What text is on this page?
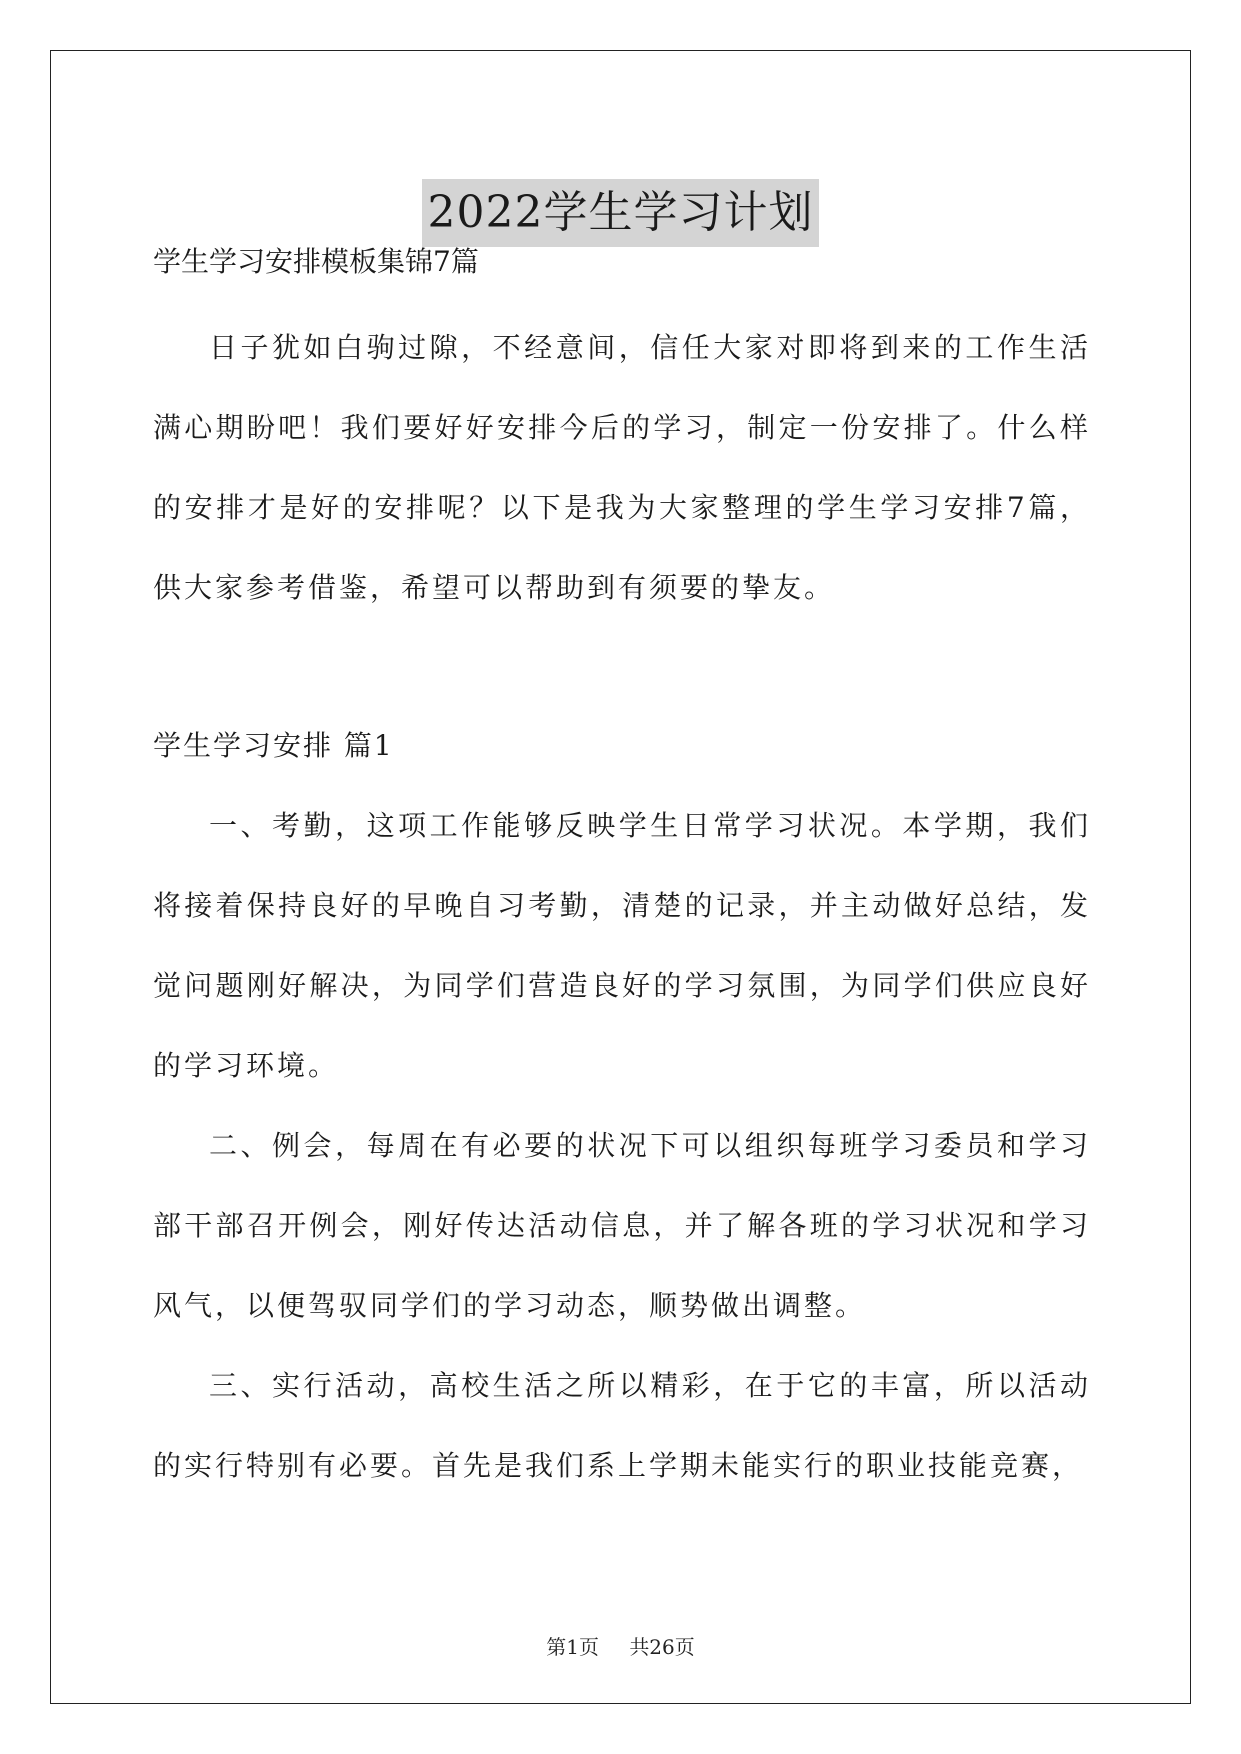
2022学生学习计划

学生学习安排模板集锦7篇

日子犹如白驹过隙，不经意间，信任大家对即将到来的工作生活满心期盼吧！我们要好好安排今后的学习，制定一份安排了。什么样的安排才是好的安排呢？以下是我为大家整理的学生学习安排7篇，供大家参考借鉴，希望可以帮助到有须要的挚友。

学生学习安排 篇1

一、考勤，这项工作能够反映学生日常学习状况。本学期，我们将接着保持良好的早晚自习考勤，清楚的记录，并主动做好总结，发觉问题刚好解决，为同学们营造良好的学习氛围，为同学们供应良好的学习环境。

二、例会，每周在有必要的状况下可以组织每班学习委员和学习部干部召开例会，刚好传达活动信息，并了解各班的学习状况和学习风气，以便驾驭同学们的学习动态，顺势做出调整。

三、实行活动，高校生活之所以精彩，在于它的丰富，所以活动的实行特别有必要。首先是我们系上学期未能实行的职业技能竞赛，

第1页 共26页
